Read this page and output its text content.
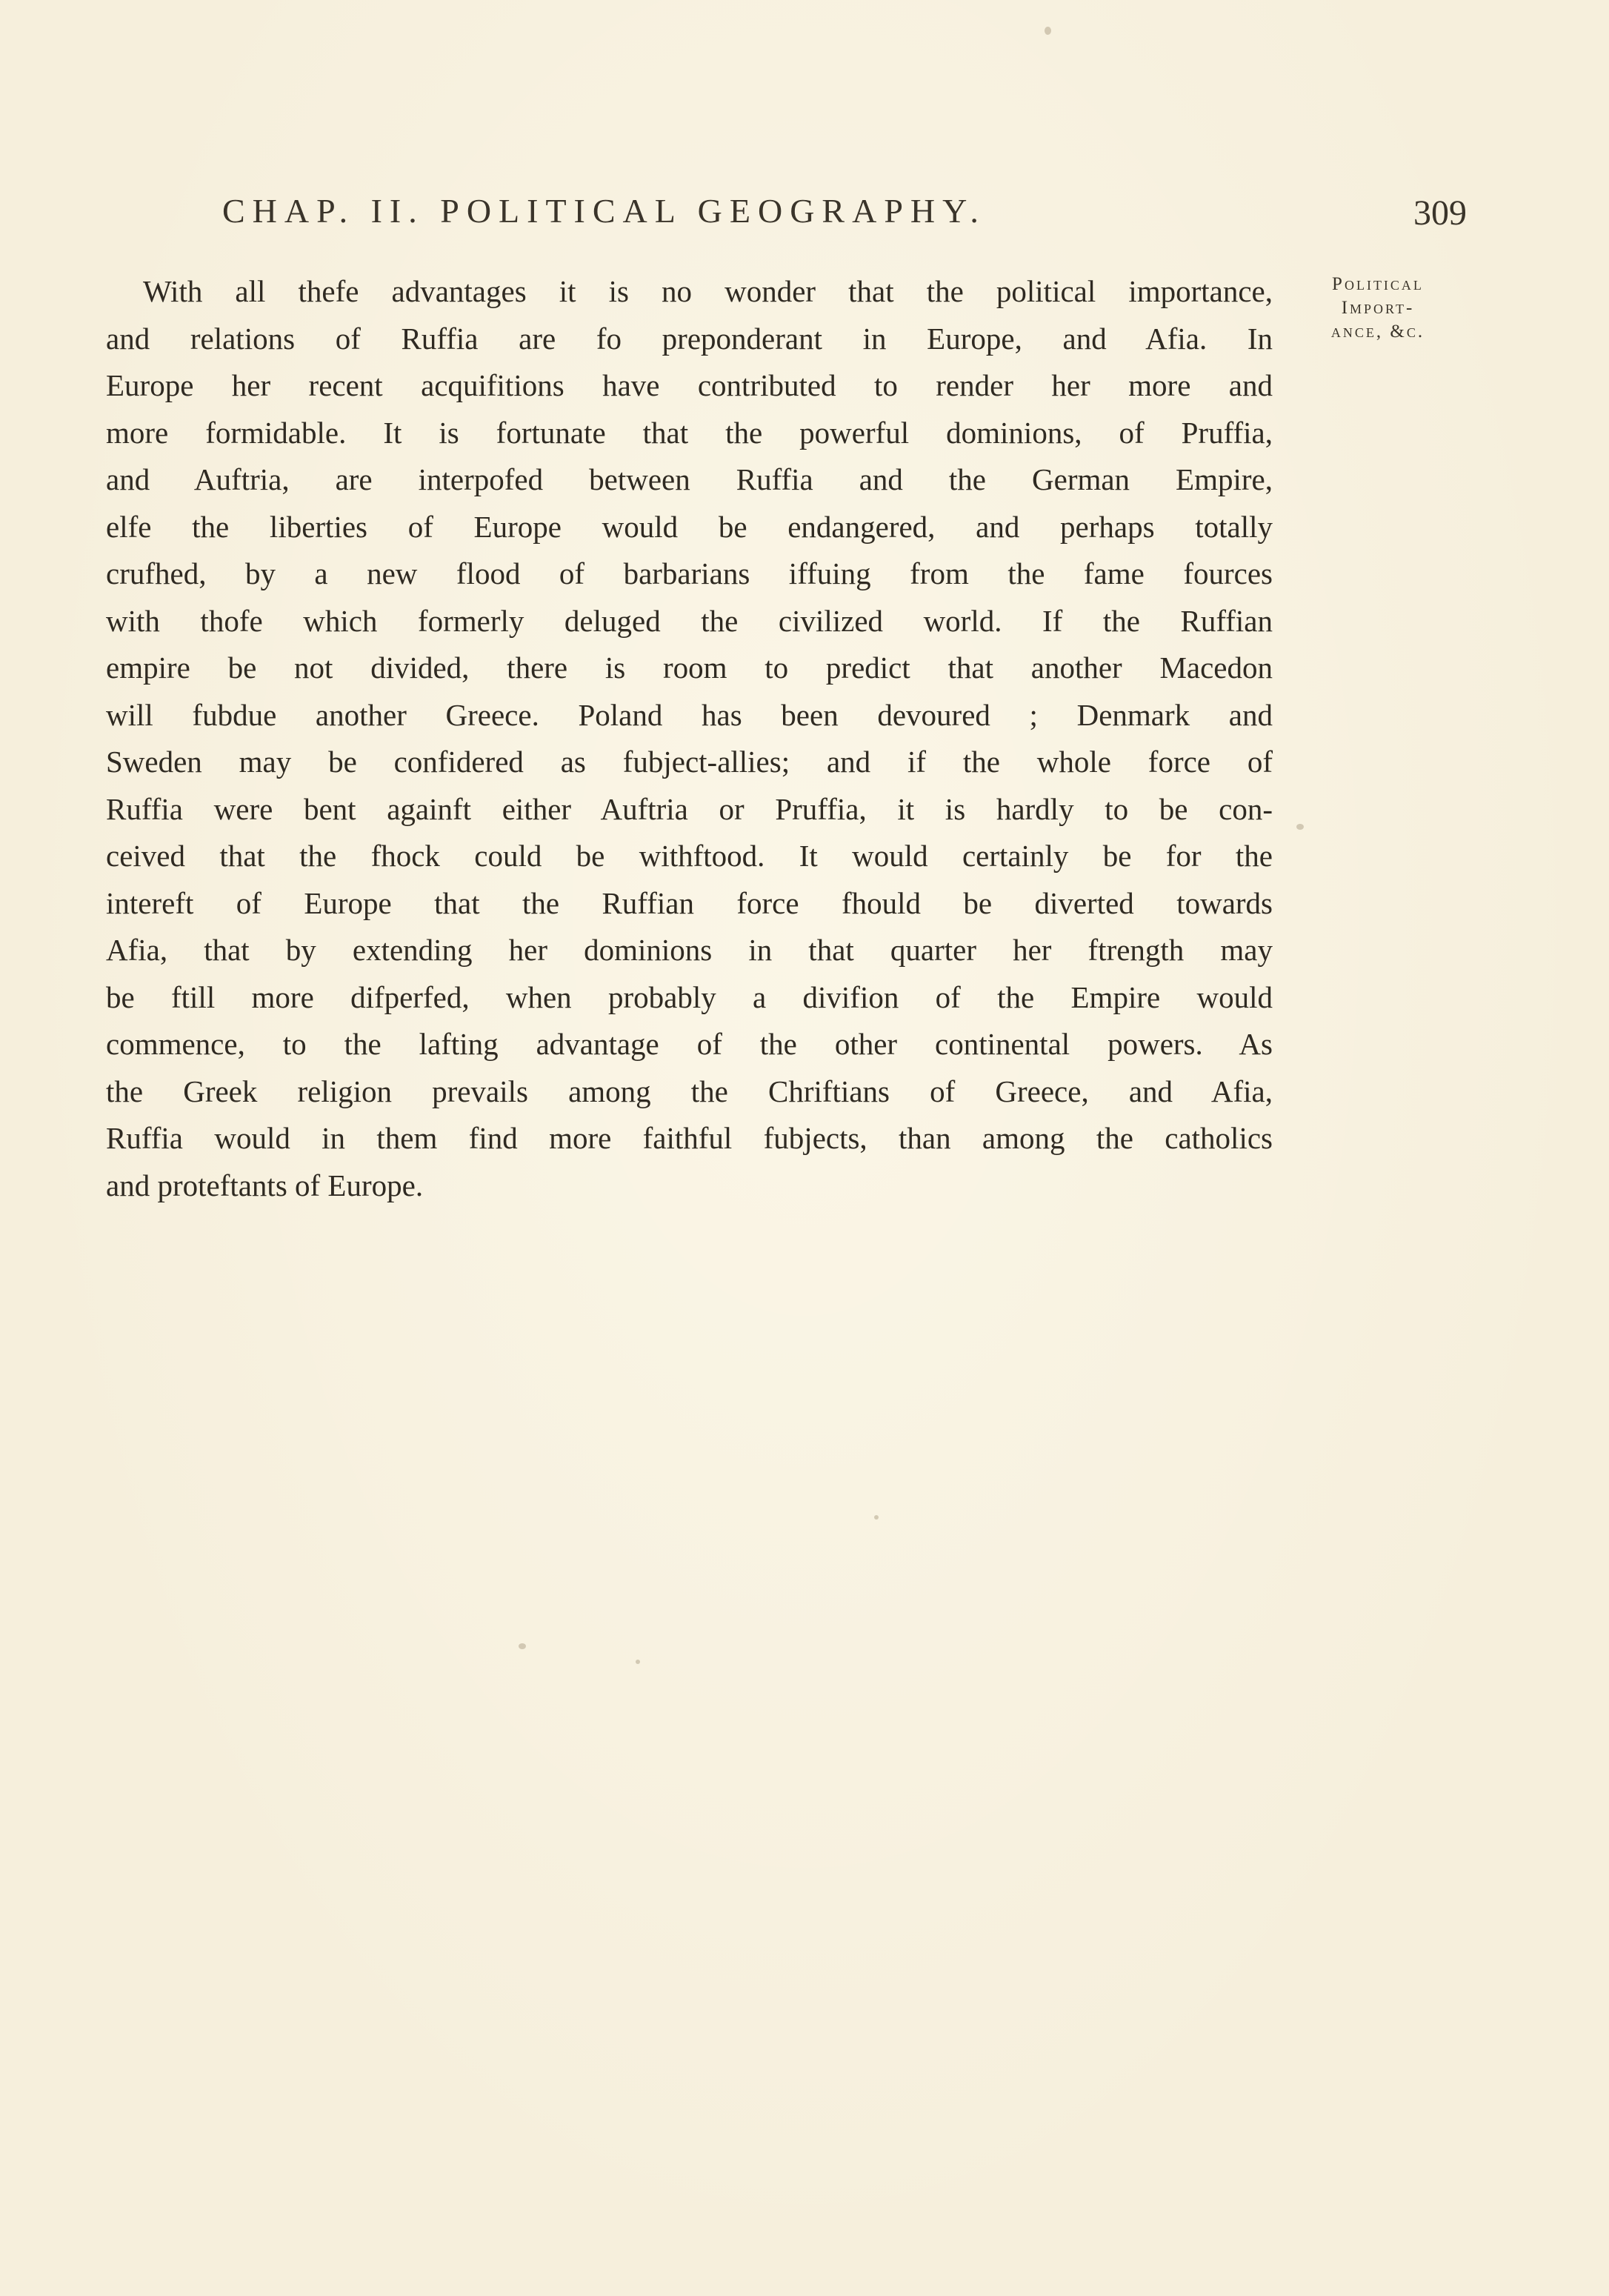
CHAP. II. POLITICAL GEOGRAPHY.	309
Political
Import-
ance, &c.
With all thefe advantages it is no wonder that the political importance,
and relations of Ruffia are fo preponderant in Europe, and Afia. In
Europe her recent acquifitions have contributed to render her more and
more formidable. It is fortunate that the powerful dominions, of Pruffia,
and Auftria, are interpofed between Ruffia and the German Empire,
elfe the liberties of Europe would be endangered, and perhaps totally
crufhed, by a new flood of barbarians iffuing from the fame fources
with thofe which formerly deluged the civilized world. If the Ruffian
empire be not divided, there is room to predict that another Macedon
will fubdue another Greece. Poland has been devoured ; Denmark and
Sweden may be confidered as fubject-allies; and if the whole force of
Ruffia were bent againft either Auftria or Pruffia, it is hardly to be con-
ceived that the fhock could be withftood. It would certainly be for the
intereft of Europe that the Ruffian force fhould be diverted towards
Afia, that by extending her dominions in that quarter her ftrength may
be ftill more difperfed, when probably a divifion of the Empire would
commence, to the lafting advantage of the other continental powers. As
the Greek religion prevails among the Chriftians of Greece, and Afia,
Ruffia would in them find more faithful fubjects, than among the catholics
and proteftants of Europe.
